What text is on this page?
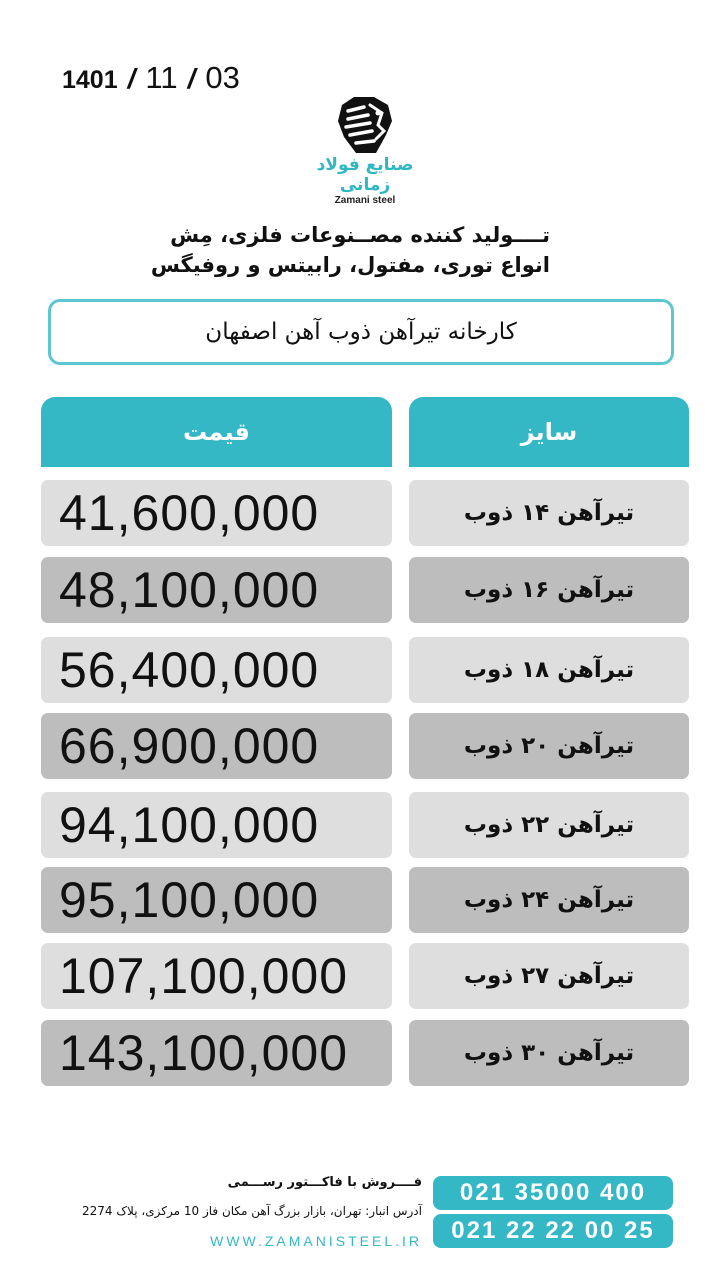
1401 / 11 / 03
صنایع فولاد زمانی
Zamani steel
تــــولید کننده مصــنوعات فلزی، مِش
انواع توری، مفتول، رابیتس و روفیگس
کارخانه تیرآهن ذوب آهن اصفهان
قیمت	سایز
41,600,000	تیرآهن ۱۴ ذوب
48,100,000	تیرآهن ۱۶ ذوب
56,400,000	تیرآهن ۱۸ ذوب
66,900,000	تیرآهن ۲۰ ذوب
94,100,000	تیرآهن ۲۲ ذوب
95,100,000	تیرآهن ۲۴ ذوب
107,100,000	تیرآهن ۲۷ ذوب
143,100,000	تیرآهن ۳۰ ذوب
فــــروش با فاکـــتور رســـمی
آدرس انبار: تهران، بازار بزرگ آهن مکان فاز 10 مرکزی، پلاک 2274
WWW.ZAMANISTEEL.IR
021 35000 400
021 22 22 00 25
